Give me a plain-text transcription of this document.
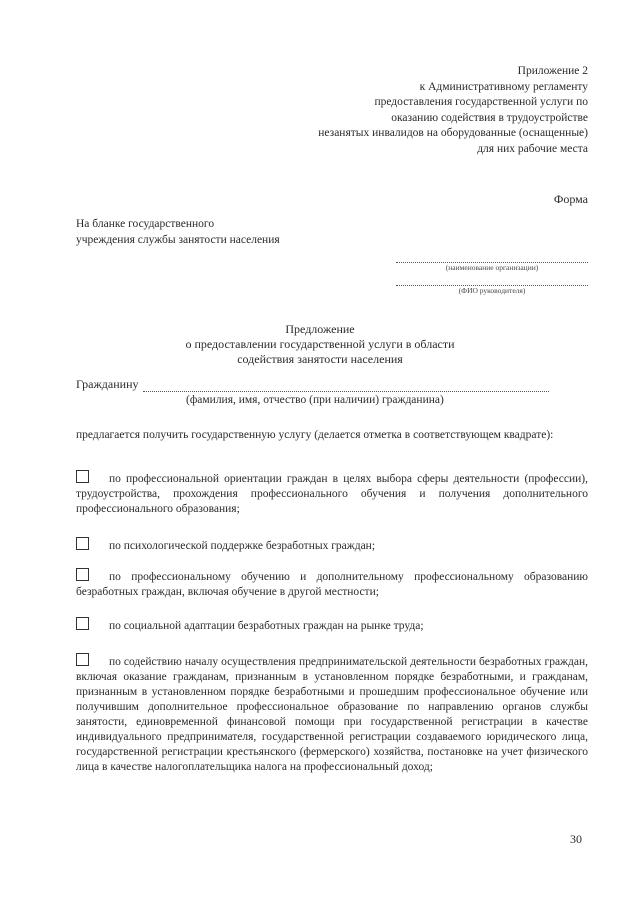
Приложение 2
к Административному регламенту
предоставления государственной услуги по
оказанию содействия в трудоустройстве
незанятых инвалидов на оборудованные (оснащенные)
для них рабочие места
Форма
На бланке государственного
учреждения службы занятости населения
(наименование организации)
(ФИО руководителя)
Предложение
о предоставлении государственной услуги в области
содействия занятости населения
Гражданину
(фамилия, имя, отчество (при наличии) гражданина)
предлагается получить государственную услугу (делается отметка в соответствующем квадрате):
по профессиональной ориентации граждан в целях выбора сферы деятельности (профессии), трудоустройства, прохождения профессионального обучения и получения дополнительного профессионального образования;
по психологической поддержке безработных граждан;
по профессиональному обучению и дополнительному профессиональному образованию безработных граждан, включая обучение в другой местности;
по социальной адаптации безработных граждан на рынке труда;
по содействию началу осуществления предпринимательской деятельности безработных граждан, включая оказание гражданам, признанным в установленном порядке безработными, и гражданам, признанным в установленном порядке безработными и прошедшим профессиональное обучение или получившим дополнительное профессиональное образование по направлению органов службы занятости, единовременной финансовой помощи при государственной регистрации в качестве индивидуального предпринимателя, государственной регистрации создаваемого юридического лица, государственной регистрации крестьянского (фермерского) хозяйства, постановке на учет физического лица в качестве налогоплательщика налога на профессиональный доход;
30
